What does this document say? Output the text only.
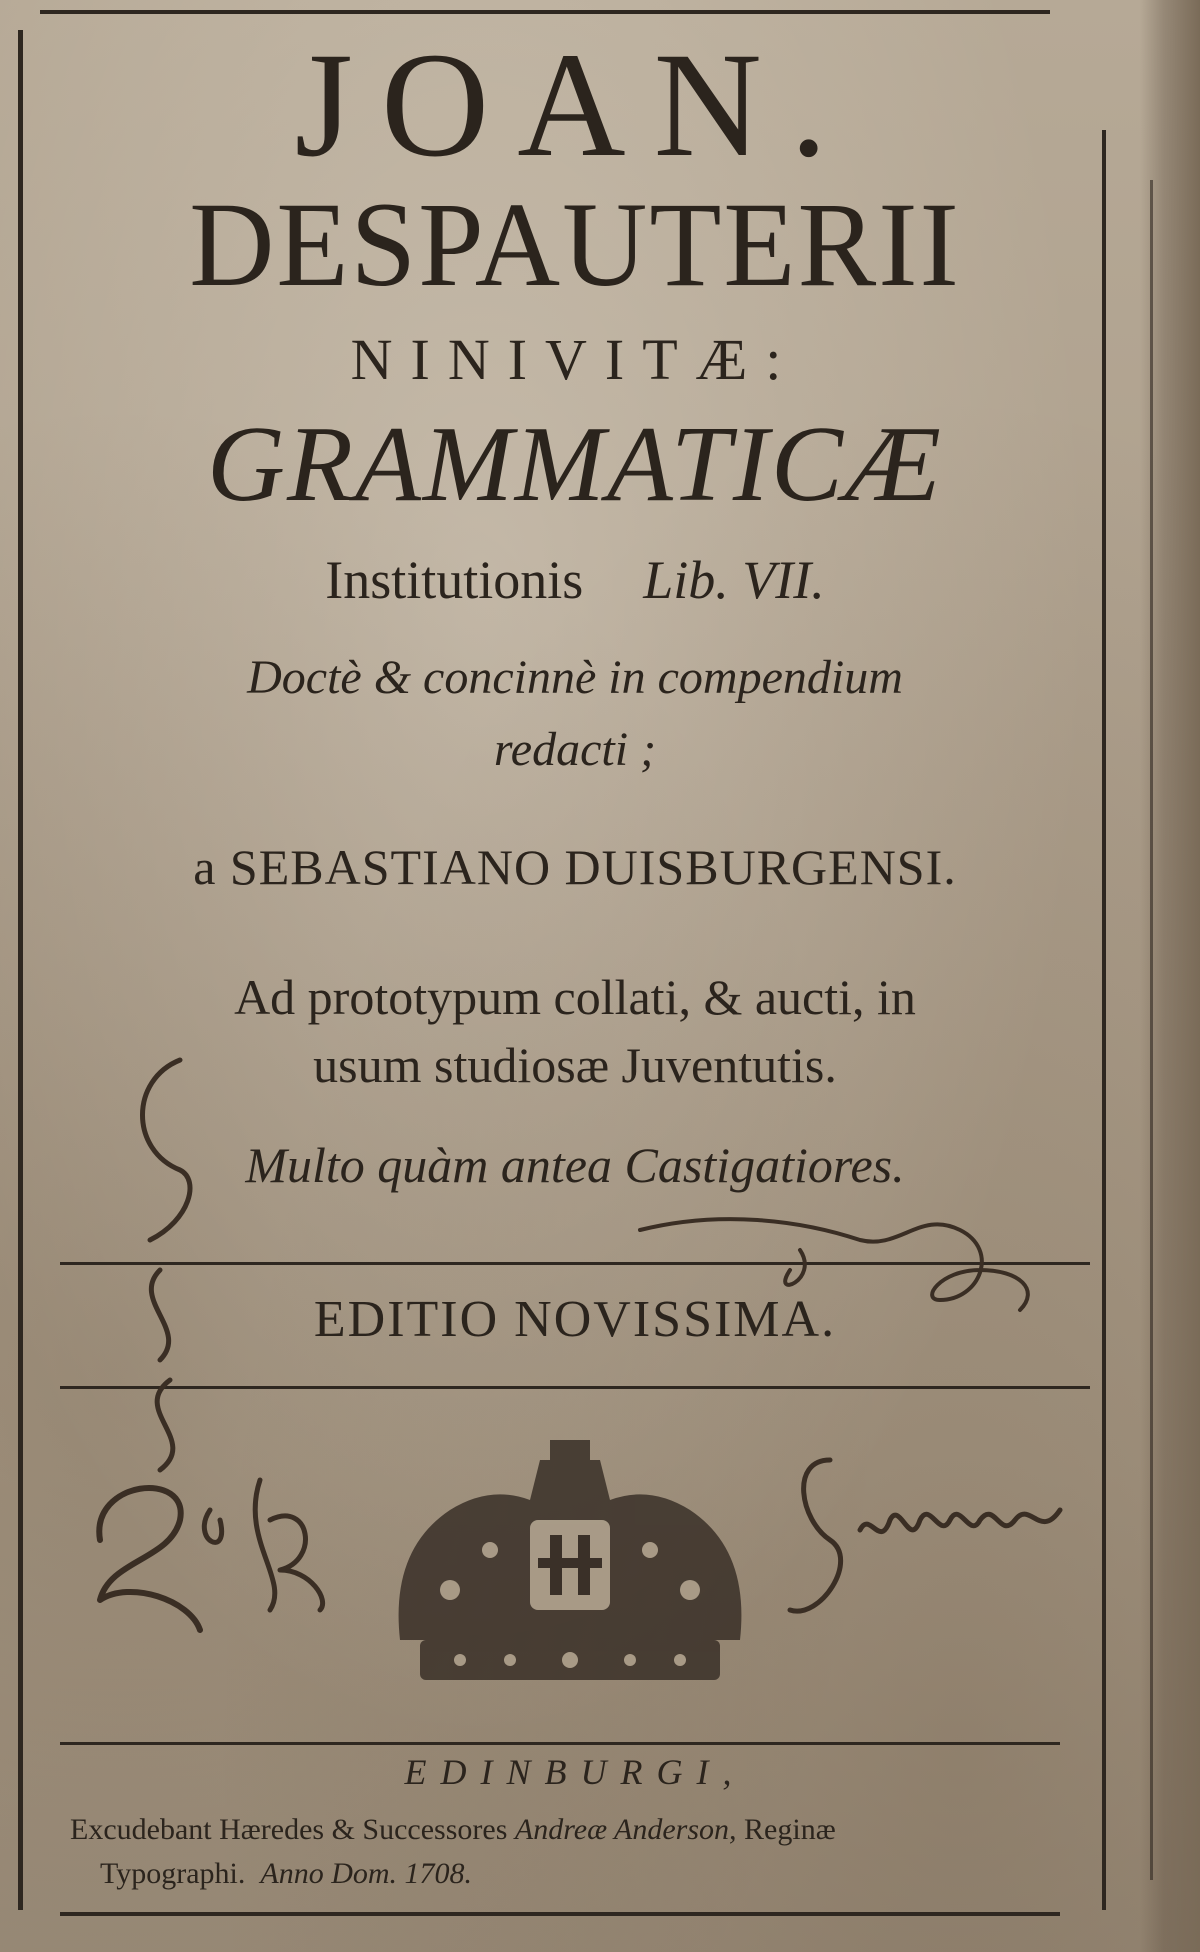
JOAN.
DESPAUTERII
NINIVITÆ:
GRAMMATICÆ
Institutionis Lib. VII.
Doctè & concinnè in compendium
redacti ;
a SEBASTIANO DUISBURGENSI.
Ad prototypum collati, & aucti, in
usum studiosæ Juventutis.
Multo quàm antea Castigatiores.
EDITIO NOVISSIMA.
EDINBURGI,
Excudebant Hæredes & Successores Andreæ Anderson, Reginæ
Typographi. Anno Dom. 1708.
